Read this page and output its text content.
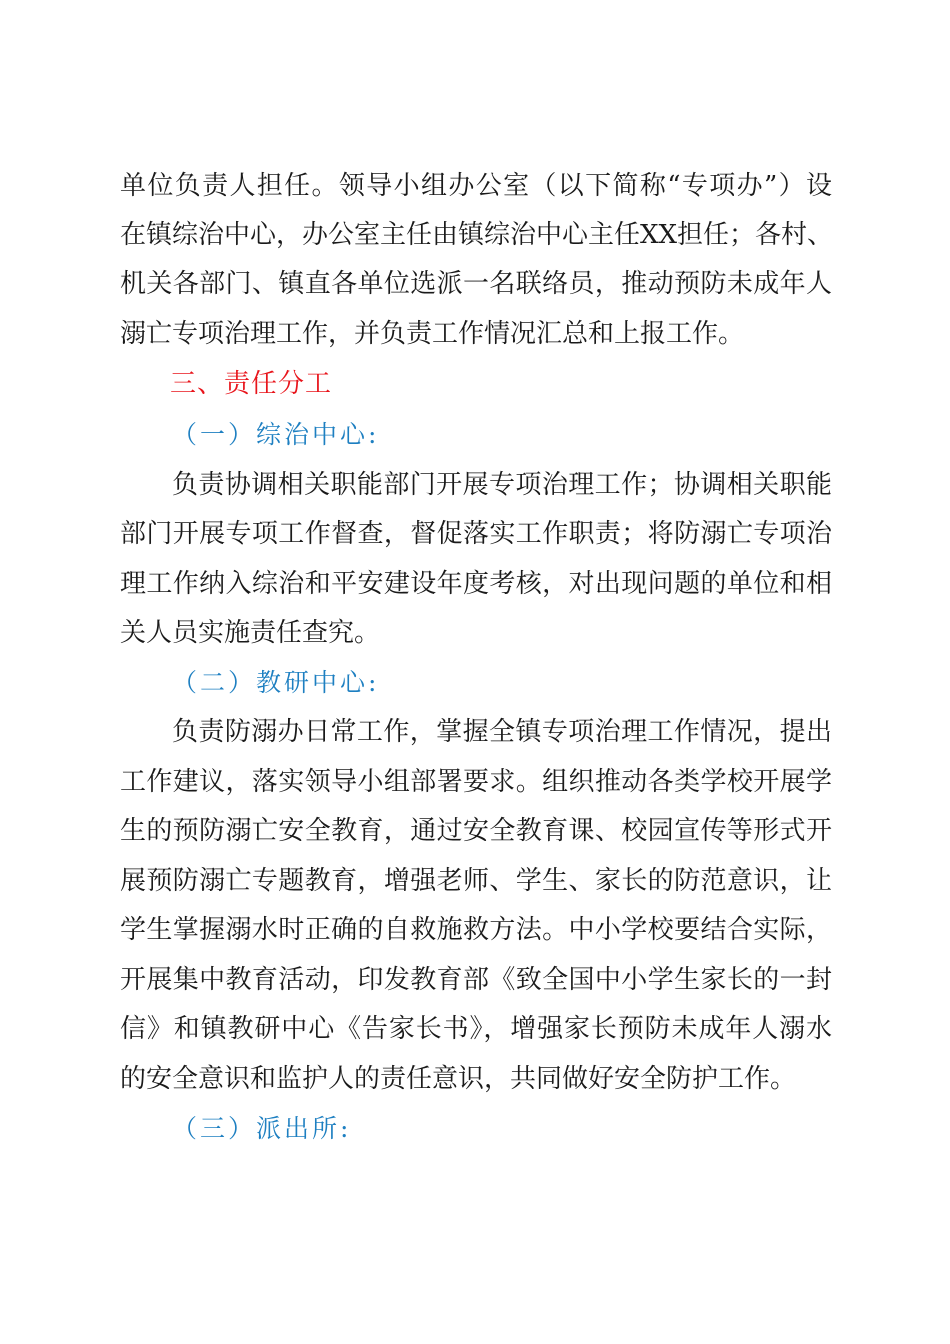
单位负责人担任。领导小组办公室（以下简称“专项办”）设
在镇综治中心，办公室主任由镇综治中心主任XX担任；各村、
机关各部门、镇直各单位选派一名联络员，推动预防未成年人
溺亡专项治理工作，并负责工作情况汇总和上报工作。
三、责任分工
（一）综治中心:
负责协调相关职能部门开展专项治理工作；协调相关职能
部门开展专项工作督查，督促落实工作职责；将防溺亡专项治
理工作纳入综治和平安建设年度考核，对出现问题的单位和相
关人员实施责任查究。
（二）教研中心:
负责防溺办日常工作，掌握全镇专项治理工作情况，提出
工作建议，落实领导小组部署要求。组织推动各类学校开展学
生的预防溺亡安全教育，通过安全教育课、校园宣传等形式开
展预防溺亡专题教育，增强老师、学生、家长的防范意识，让
学生掌握溺水时正确的自救施救方法。中小学校要结合实际，
开展集中教育活动，印发教育部《致全国中小学生家长的一封
信》和镇教研中心《告家长书》，增强家长预防未成年人溺水
的安全意识和监护人的责任意识，共同做好安全防护工作。
（三）派出所:
